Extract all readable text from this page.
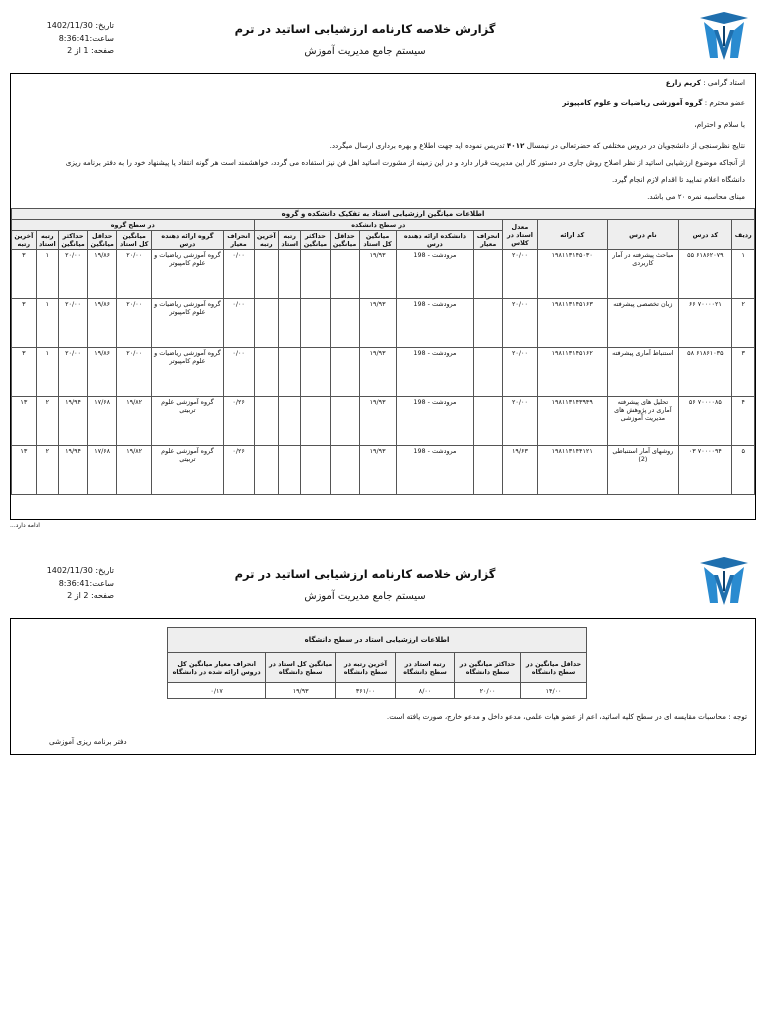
گزارش خلاصه کارنامه ارزشیابی اساتید در ترم
سیستم جامع مدیریت آموزش
تاریخ: 1402/11/30
ساعت:8:36:41
صفحه: 1 از 2
استاد گرامی : کریم زارع
عضو محترم : گروه آموزشی ریاضیات و علوم کامپیوتر
با سلام و احترام،
نتایج نظرسنجی از دانشجویان در دروس مختلفی که حضرتعالی در نیمسال ۴۰۱۲ تدریس نموده اید جهت اطلاع و بهره برداری ارسال میگردد.
از آنجاکه موضوع ارزشیابی اساتید از نظر اصلاح روش جاری در دستور کار این مدیریت قرار دارد و در این زمینه از مشورت اساتید اهل فن نیز استفاده می گردد، خواهشمند است هر گونه انتقاد یا پیشنهاد خود را به دفتر برنامه ریزی
دانشگاه اعلام نمایید تا اقدام لازم انجام گیرد.
مبنای محاسبه نمره ۲۰ می باشد.
اطلاعات میانگین ارزشیابی استاد به تفکیک دانشکده و گروه																		
ردیف	کد درس	نام درس	کد ارائه	معدل استاد در کلاس	در سطح دانشکده							در سطح گروه						
					انحراف معیار	دانشکده ارائه دهنده درس	میانگین کل استاد	حداقل میانگین	حداکثر میانگین	رتبه استاد	آخرین رتبه	انحراف معیار	گروه ارائه دهنده درس	میانگین کل استاد	حداقل میانگین	حداکثر میانگین	رتبه استاد	آخرین رتبه
۱	۶۱۸۶۲۰۷۹ ۵۵	مباحث پیشرفته در آمار کاربردی	۱۹۸۱۱۳۱۴۵۰۳۰	۲۰/۰۰		مرودشت - 198	۱۹/۹۳					۰/۰۰	گروه آموزشی ریاضیات و علوم کامپیوتر	۲۰/۰۰	۱۹/۸۶	۲۰/۰۰	۱	۳
۲	۷۰۰۰۰۲۱ ۶۶	زبان تخصصی پیشرفته	۱۹۸۱۱۳۱۴۵۱۶۳	۲۰/۰۰		مرودشت - 198	۱۹/۹۳					۰/۰۰	گروه آموزشی ریاضیات و علوم کامپیوتر	۲۰/۰۰	۱۹/۸۶	۲۰/۰۰	۱	۳
۳	۶۱۸۶۱۰۳۵ ۵۸	استنباط آماری پیشرفته	۱۹۸۱۱۳۱۴۵۱۶۲	۲۰/۰۰		مرودشت - 198	۱۹/۹۳					۰/۰۰	گروه آموزشی ریاضیات و علوم کامپیوتر	۲۰/۰۰	۱۹/۸۶	۲۰/۰۰	۱	۳
۴	۷۰۰۰۰۸۵ ۵۶	تحلیل های پیشرفته آماری در پژوهش های مدیریت آموزشی	۱۹۸۱۱۳۱۴۳۹۴۹	۲۰/۰۰		مرودشت - 198	۱۹/۹۳					۰/۲۶	گروه آموزشی علوم تربیتی	۱۹/۸۲	۱۷/۶۸	۱۹/۹۴	۲	۱۳
۵	۷۰۰۰۰۹۴ ۰۳	روشهای آمار استنباطی (2)	۱۹۸۱۱۳۱۴۴۱۲۱	۱۹/۶۳		مرودشت - 198	۱۹/۹۳					۰/۲۶	گروه آموزشی علوم تربیتی	۱۹/۸۲	۱۷/۶۸	۱۹/۹۴	۲	۱۳
ادامه دارد...
گزارش خلاصه کارنامه ارزشیابی اساتید در ترم
سیستم جامع مدیریت آموزش
تاریخ: 1402/11/30
ساعت:8:36:41
صفحه: 2 از 2
اطلاعات ارزشیابی استاد در سطح دانشگاه					
حداقل میانگین در سطح دانشگاه	حداکثر میانگین در سطح دانشگاه	رتبه استاد در سطح دانشگاه	آخرین رتبه در سطح دانشگاه	میانگین کل استاد در سطح دانشگاه	انحراف معیار میانگین کل دروس ارائه شده در دانشگاه
۱۴/۰۰	۲۰/۰۰	۸/۰۰	۳۶۱/۰۰	۱۹/۹۳	۰/۱۷
توجه : محاسبات مقایسه ای در سطح کلیه اساتید، اعم از عضو هیات علمی، مدعو داخل و مدعو خارج، صورت یافته است.
دفتر برنامه ریزی آموزشی
